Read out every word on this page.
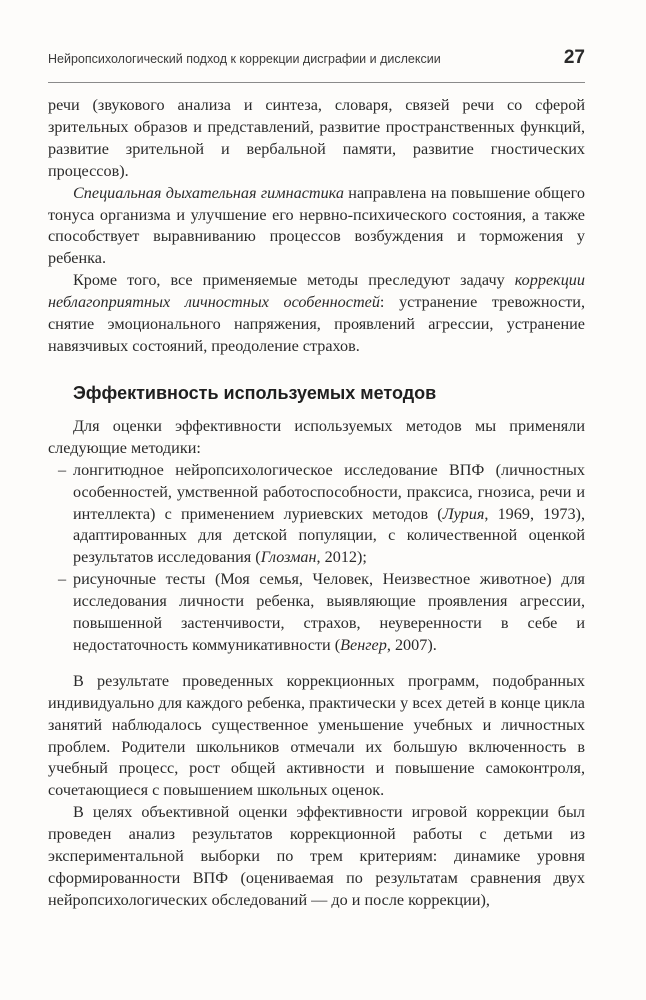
Нейропсихологический подход к коррекции дисграфии и дислексии	27

речи (звукового анализа и синтеза, словаря, связей речи со сферой зрительных образов и представлений, развитие пространственных функций, развитие зрительной и вербальной памяти, развитие гностических процессов).

Специальная дыхательная гимнастика направлена на повышение общего тонуса организма и улучшение его нервно-психического состояния, а также способствует выравниванию процессов возбуждения и торможения у ребенка.

Кроме того, все применяемые методы преследуют задачу коррекции неблагоприятных личностных особенностей: устранение тревожности, снятие эмоционального напряжения, проявлений агрессии, устранение навязчивых состояний, преодоление страхов.

Эффективность используемых методов

Для оценки эффективности используемых методов мы применяли следующие методики:

– лонгитюдное нейропсихологическое исследование ВПФ (личностных особенностей, умственной работоспособности, праксиса, гнозиса, речи и интеллекта) с применением луриевских методов (Лурия, 1969, 1973), адаптированных для детской популяции, с количественной оценкой результатов исследования (Глозман, 2012);
– рисуночные тесты (Моя семья, Человек, Неизвестное животное) для исследования личности ребенка, выявляющие проявления агрессии, повышенной застенчивости, страхов, неуверенности в себе и недостаточность коммуникативности (Венгер, 2007).

В результате проведенных коррекционных программ, подобранных индивидуально для каждого ребенка, практически у всех детей в конце цикла занятий наблюдалось существенное уменьшение учебных и личностных проблем. Родители школьников отмечали их большую включенность в учебный процесс, рост общей активности и повышение самоконтроля, сочетающиеся с повышением школьных оценок.

В целях объективной оценки эффективности игровой коррекции был проведен анализ результатов коррекционной работы с детьми из экспериментальной выборки по трем критериям: динамике уровня сформированности ВПФ (оцениваемая по результатам сравнения двух нейропсихологических обследований — до и после коррекции),
